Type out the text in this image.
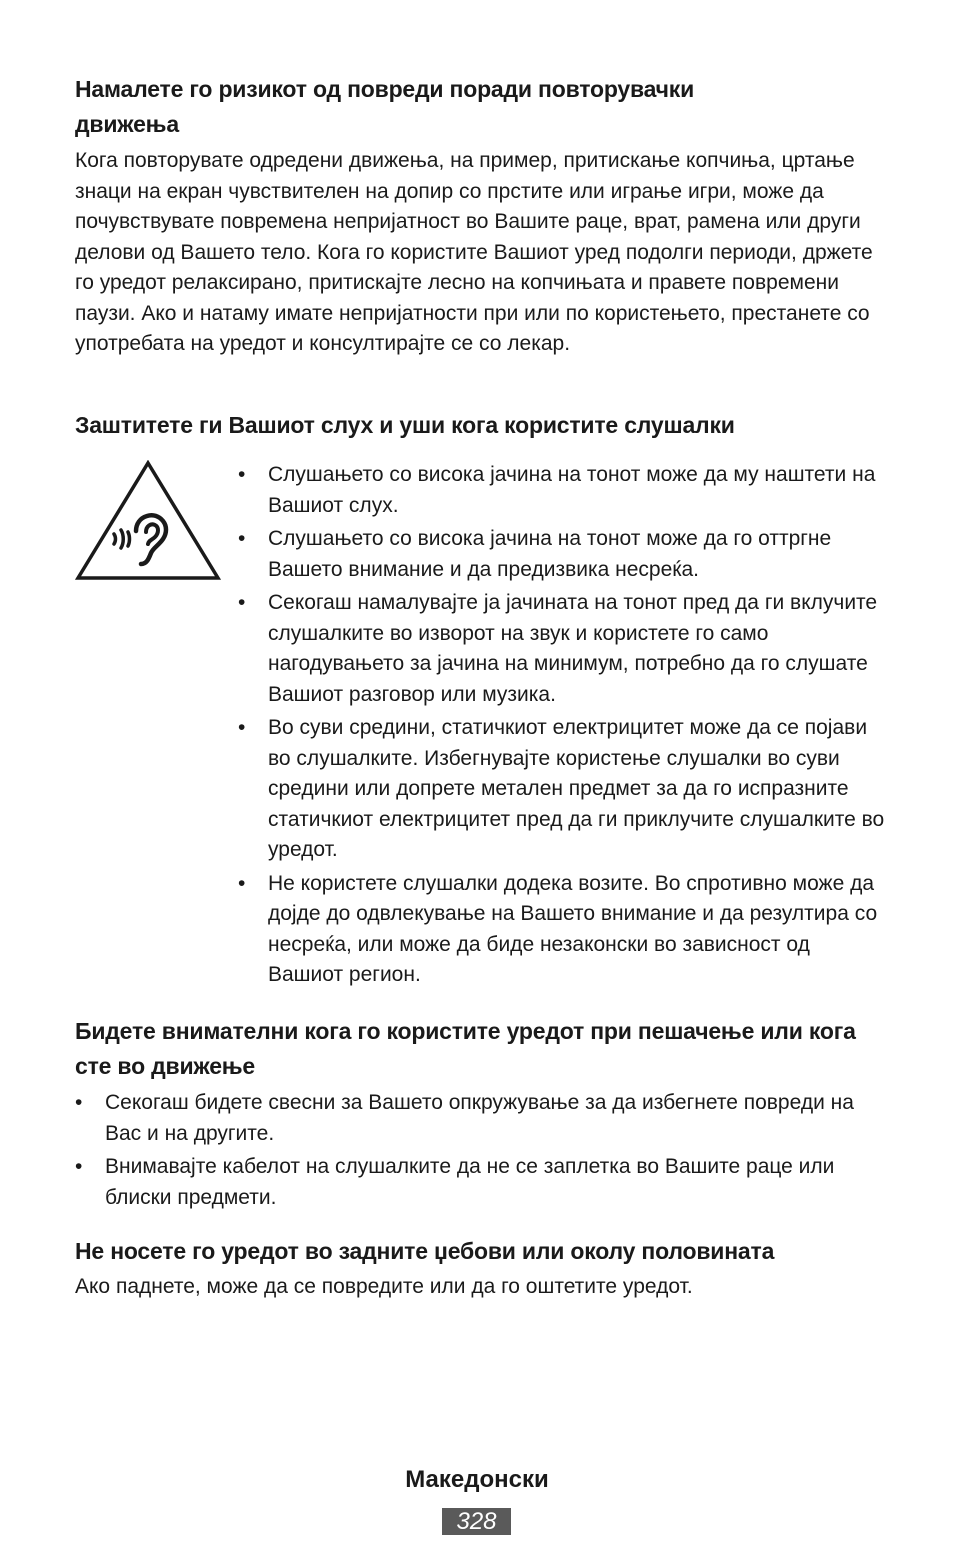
Намалете го ризикот од повреди поради повторувачки движења

Кога повторувате одредени движења, на пример, притискање копчиња, цртање знаци на екран чувствителен на допир со прстите или играње игри, може да почувствувате повремена непријатност во Вашите раце, врат, рамена или други делови од Вашето тело. Кога го користите Вашиот уред подолги периоди, држете го уредот релаксирано, притискајте лесно на копчињата и правете повремени паузи. Ако и натаму имате непријатности при или по користењето, престанете со употребата на уредот и консултирајте се со лекар.

Заштитете ги Вашиот слух и уши кога користите слушалки
•	Слушањето со висока јачина на тонот може да му наштети на Вашиот слух.
•	Слушањето со висока јачина на тонот може да го оттргне Вашето внимание и да предизвика несреќа.
•	Секогаш намалувајте ја јачината на тонот пред да ги вклучите слушалките во изворот на звук и користете го само нагодувањето за јачина на минимум, потребно да го слушате Вашиот разговор или музика.
•	Во суви средини, статичкиот електрицитет може да се појави во слушалките. Избегнувајте користење слушалки во суви средини или допрете метален предмет за да го испразните статичкиот електрицитет пред да ги приклучите слушалките во уредот.
•	Не користете слушалки додека возите. Во спротивно може да дојде до одвлекување на Вашето внимание и да резултира со несреќа, или може да биде незаконски во зависност од Вашиот регион.
Бидете внимателни кога го користите уредот при пешачење или кога сте во движење
•	Секогаш бидете свесни за Вашето опкружување за да избегнете повреди на Вас и на другите.
•	Внимавајте кабелот на слушалките да не се заплетка во Вашите раце или блиски предмети.
Не носете го уредот во задните џебови или околу половината

Ако паднете, може да се повредите или да го оштетите уредот.

Македонски
328
